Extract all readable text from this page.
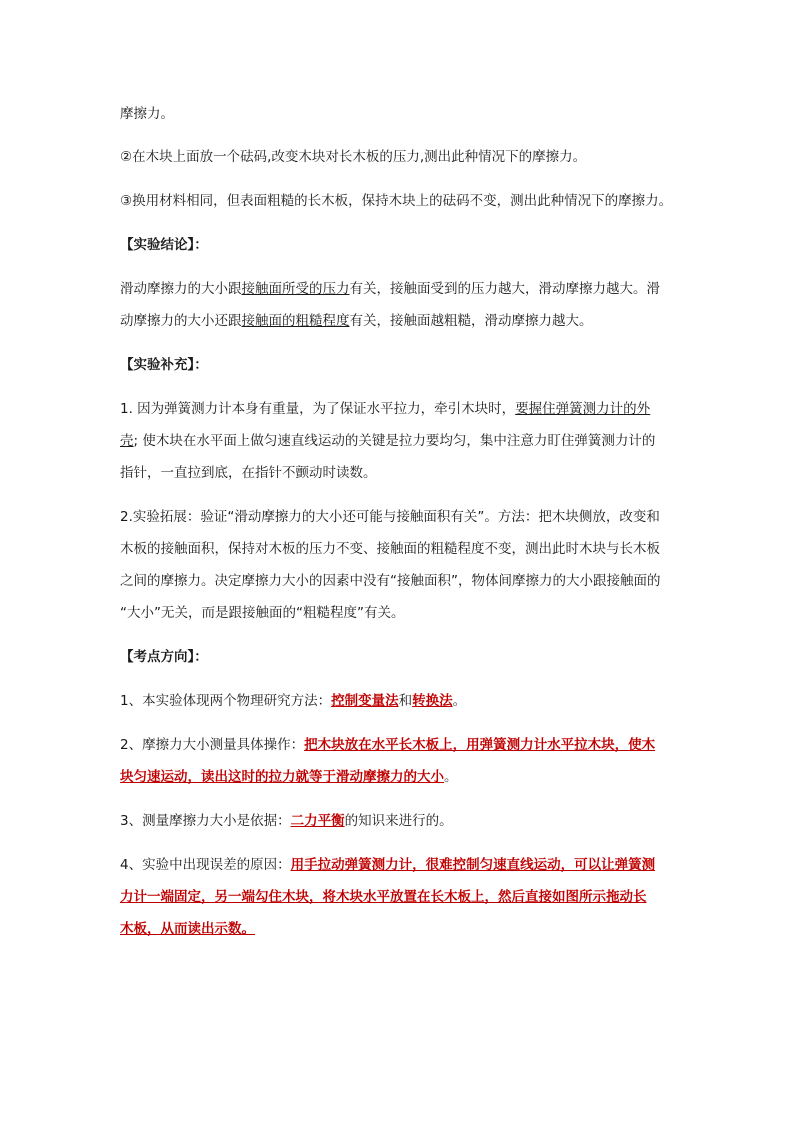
摩擦力。
②在木块上面放一个砝码,改变木块对长木板的压力,测出此种情况下的摩擦力。
③换用材料相同，但表面粗糙的长木板，保持木块上的砝码不变，测出此种情况下的摩擦力。
【实验结论】：
滑动摩擦力的大小跟接触面所受的压力有关，接触面受到的压力越大，滑动摩擦力越大。滑
动摩擦力的大小还跟接触面的粗糙程度有关，接触面越粗糙，滑动摩擦力越大。
【实验补充】：
1. 因为弹簧测力计本身有重量，为了保证水平拉力，牵引木块时，要握住弹簧测力计的外
壳; 使木块在水平面上做匀速直线运动的关键是拉力要均匀，集中注意力盯住弹簧测力计的
指针，一直拉到底，在指针不颤动时读数。
2.实验拓展：验证“滑动摩擦力的大小还可能与接触面积有关”。方法：把木块侧放，改变和
木板的接触面积，保持对木板的压力不变、接触面的粗糙程度不变，测出此时木块与长木板
之间的摩擦力。决定摩擦力大小的因素中没有“接触面积”，物体间摩擦力的大小跟接触面的
“大小”无关，而是跟接触面的“粗糙程度”有关。
【考点方向】：
1、本实验体现两个物理研究方法：控制变量法和转换法。
2、摩擦力大小测量具体操作：把木块放在水平长木板上，用弹簧测力计水平拉木块，使木
块匀速运动，读出这时的拉力就等于滑动摩擦力的大小。
3、测量摩擦力大小是依据：二力平衡的知识来进行的。
4、实验中出现误差的原因：用手拉动弹簧测力计，很难控制匀速直线运动，可以让弹簧测
力计一端固定，另一端勾住木块，将木块水平放置在长木板上，然后直接如图所示拖动长
木板，从而读出示数。
